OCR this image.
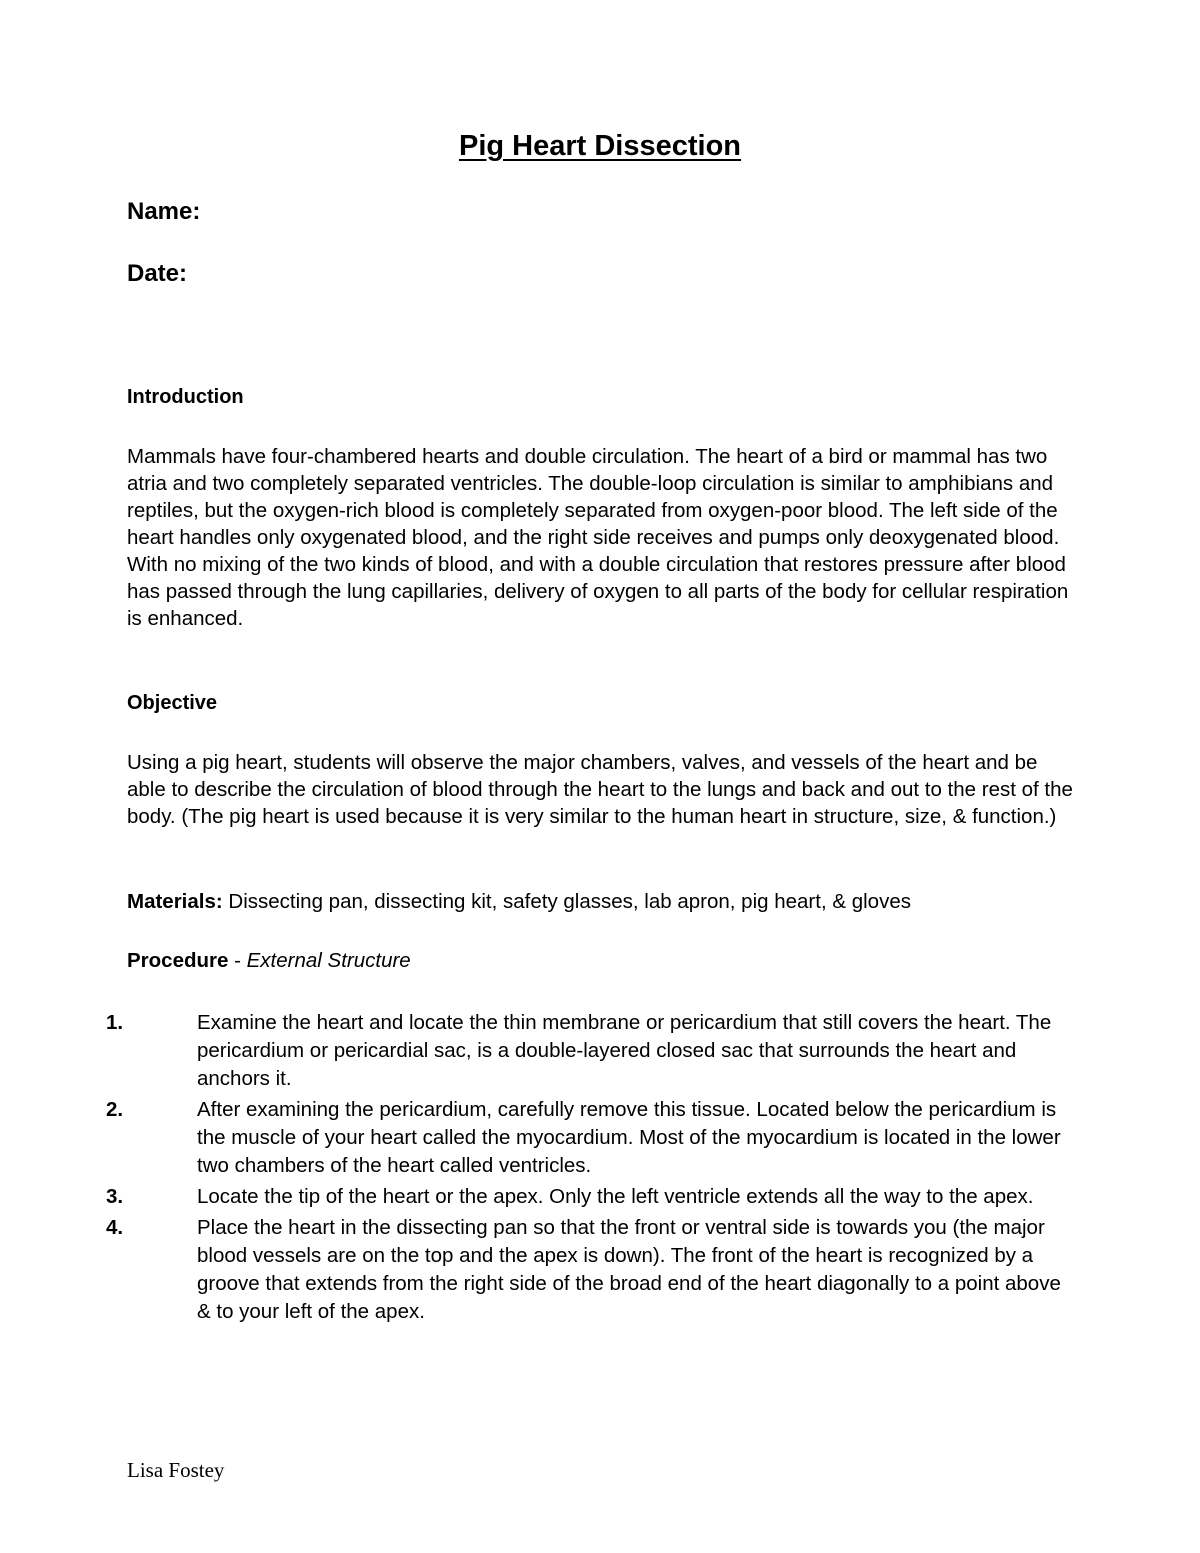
Pig Heart Dissection
Name:
Date:
Introduction

Mammals have four-chambered hearts and double circulation. The heart of a bird or mammal has two atria and two completely separated ventricles. The double-loop circulation is similar to amphibians and reptiles, but the oxygen-rich blood is completely separated from oxygen-poor blood. The left side of the heart handles only oxygenated blood, and the right side receives and pumps only deoxygenated blood. With no mixing of the two kinds of blood, and with a double circulation that restores pressure after blood has passed through the lung capillaries, delivery of oxygen to all parts of the body for cellular respiration is enhanced.

Objective

Using a pig heart, students will observe the major chambers, valves, and vessels of the heart and be able to describe the circulation of blood through the heart to the lungs and back and out to the rest of the body. (The pig heart is used because it is very similar to the human heart in structure, size, & function.)

Materials: Dissecting pan, dissecting kit, safety glasses, lab apron, pig heart, & gloves
Procedure - External Structure
1.	Examine the heart and locate the thin membrane or pericardium that still covers the heart. The pericardium or pericardial sac, is a double-layered closed sac that surrounds the heart and anchors it.
2.	After examining the pericardium, carefully remove this tissue. Located below the pericardium is the muscle of your heart called the myocardium. Most of the myocardium is located in the lower two chambers of the heart called ventricles.
3.	Locate the tip of the heart or the apex. Only the left ventricle extends all the way to the apex.
4.	Place the heart in the dissecting pan so that the front or ventral side is towards you (the major blood vessels are on the top and the apex is down). The front of the heart is recognized by a groove that extends from the right side of the broad end of the heart diagonally to a point above & to your left of the apex.
Lisa Fostey
